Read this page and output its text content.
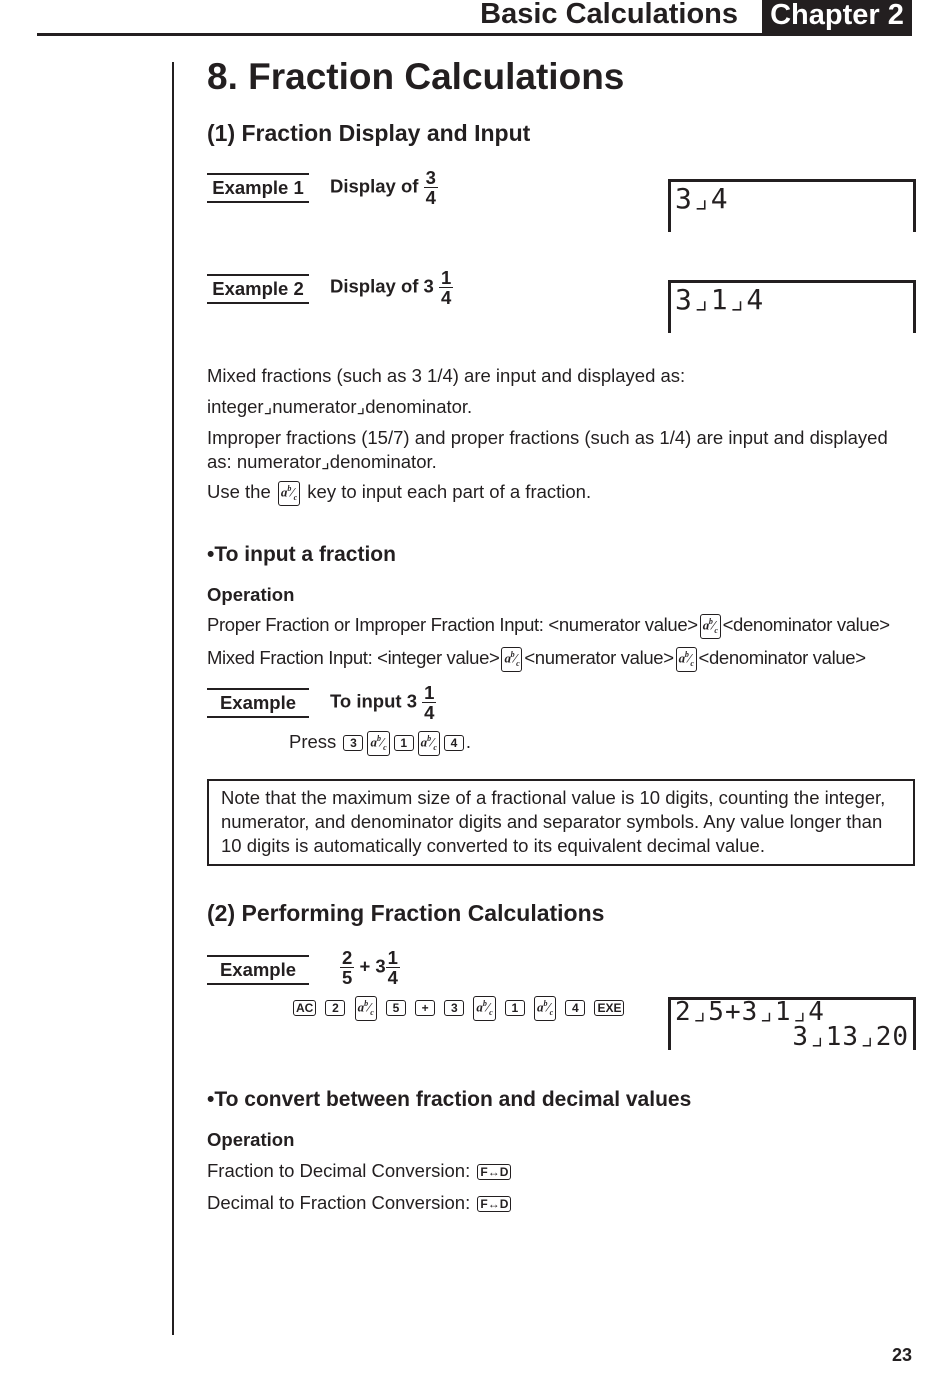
Basic Calculations Chapter 2
8. Fraction Calculations
(1) Fraction Display and Input
Example 1 Display of $\frac{3}{4}$	3⌟4
Example 2 Display of $3 \frac{1}{4}$	3⌟1⌟4
Mixed fractions (such as 3 1/4) are input and displayed as:
integer⌟numerator⌟denominator.
Improper fractions (15/7) and proper fractions (such as 1/4) are input and displayed as: numerator⌟denominator.
Use the $a^b⁄_c$ key to input each part of a fraction.
•To input a fraction
Operation
Proper Fraction or Improper Fraction Input: <numerator value> $a^b⁄_c$ <denominator value>
Mixed Fraction Input: <integer value> $a^b⁄_c$ <numerator value> $a^b⁄_c$ <denominator value>
Example	To input $3 \frac{1}{4}$
Press 3 $a^b⁄_c$ 1 $a^b⁄_c$ 4 .
Note that the maximum size of a fractional value is 10 digits, counting the integer, numerator, and denominator digits and separator symbols. Any value longer than 10 digits is automatically converted to its equivalent decimal value.
(2) Performing Fraction Calculations
Example	$\frac{2}{5} + 3 \frac{1}{4}$
AC 2 $a^b⁄_c$ 5 + 3 $a^b⁄_c$ 1 $a^b⁄_c$ 4 EXE 2⌟5+3⌟1⌟4
3⌟13⌟20
•To convert between fraction and decimal values
Operation
Fraction to Decimal Conversion: F↔D
Decimal to Fraction Conversion: F↔D
23
